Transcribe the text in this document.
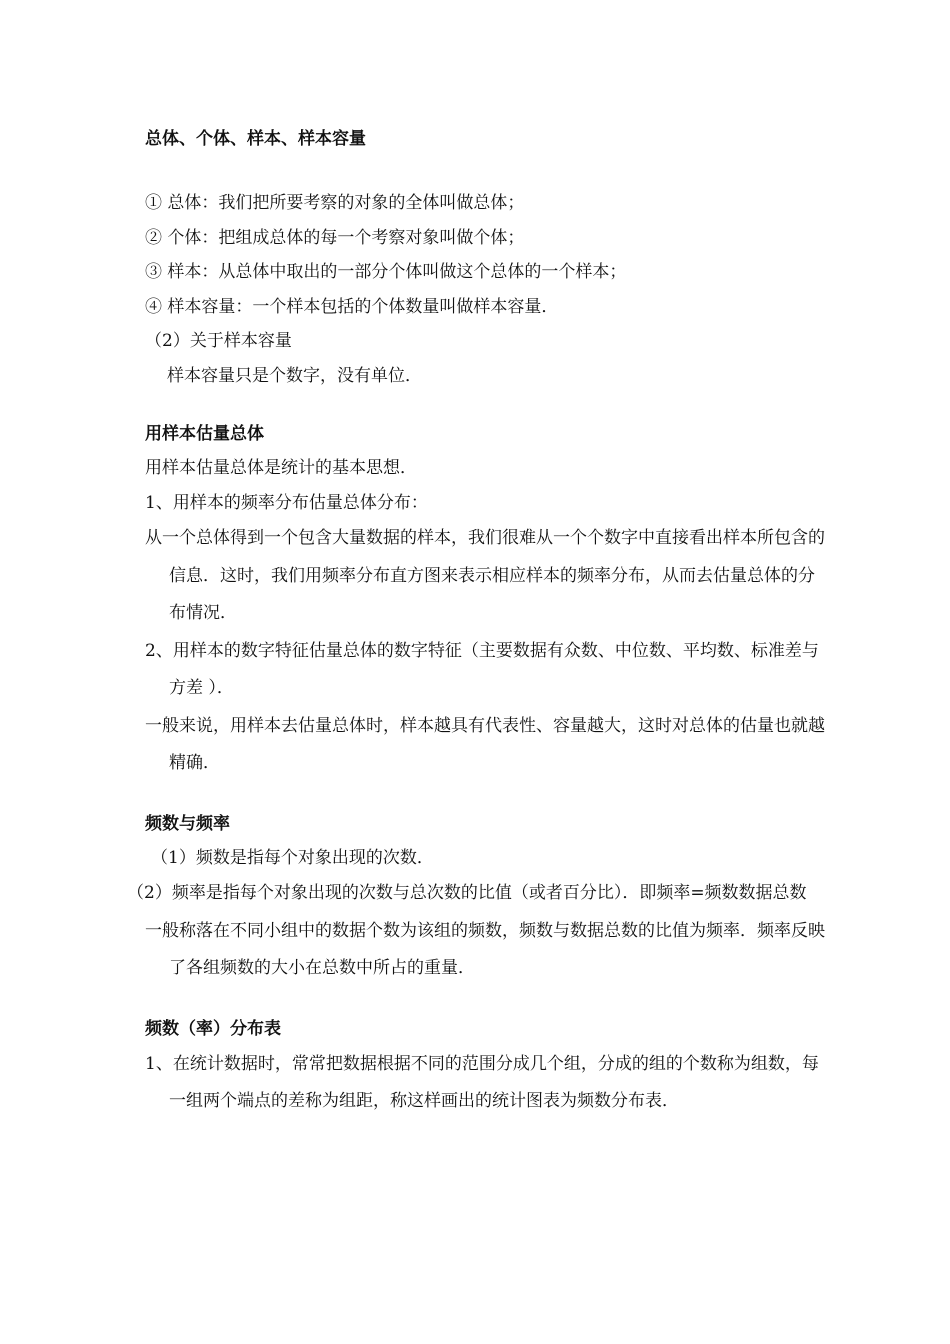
总体、个体、样本、样本容量

① 总体：我们把所要考察的对象的全体叫做总体；

② 个体：把组成总体的每一个考察对象叫做个体；

③ 样本：从总体中取出的一部分个体叫做这个总体的一个样本；

④ 样本容量：一个样本包括的个体数量叫做样本容量．

（2）关于样本容量

样本容量只是个数字，没有单位．

用样本估量总体

用样本估量总体是统计的基本思想．

1、用样本的频率分布估量总体分布：

从一个总体得到一个包含大量数据的样本，我们很难从一个个数字中直接看出样本所包含的信息．这时，我们用频率分布直方图来表示相应样本的频率分布，从而去估量总体的分布情况．

2、用样本的数字特征估量总体的数字特征（主要数据有众数、中位数、平均数、标准差与方差 ）．

一般来说，用样本去估量总体时，样本越具有代表性、容量越大，这时对总体的估量也就越精确．

频数与频率

（1）频数是指每个对象出现的次数．

（2）频率是指每个对象出现的次数与总次数的比值（或者百分比）．即频率=频数数据总数

一般称落在不同小组中的数据个数为该组的频数，频数与数据总数的比值为频率．频率反映了各组频数的大小在总数中所占的重量．

频数（率）分布表

1、在统计数据时，常常把数据根据不同的范围分成几个组，分成的组的个数称为组数，每一组两个端点的差称为组距，称这样画出的统计图表为频数分布表．
